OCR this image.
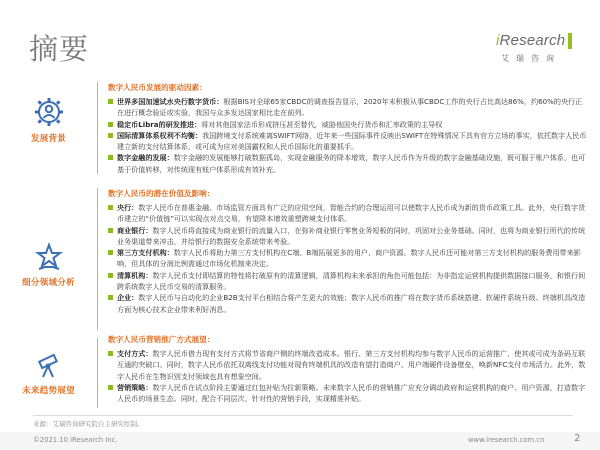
摘要	iResearch
艾瑞咨询
发展背景
细分领域分析
未来趋势展望
数字人民币发展的驱动因素：
世界多国加速试水央行数字货币：根据BIS对全球65家CBDC的调查报告显示，2020年末积极从事CBDC工作的央行占比高达86%，约60%的央行正在进行概念验证或实验，我国与众多发达国家相比走在前列。
稳定币Libra的研发推进：将对其他国家法币形成挤压甚至替代，威胁他国央行货币和汇率政策的主导权
国际清算体系权利不均衡：我国跨境支付系统难离SWIFT网络，近年来一些国际事件反映出SWIFT在特殊情况下具有官方立场的事实，依托数字人民币建立新的支付结算体系，或可成为应对美国霸权和人民币国际化的重要抓手。
数字金融的发展：数字金融的发展能够打破数据孤岛，实现金融服务的降本增效，数字人民币作为升级的数字金融基础设施，既可服于账户体系，也可基于价值转移，对传统现有账户体系形成有效补充。
数字人民币的潜在价值及影响：
央行：数字人民币在普惠金融、市场监管方面具有广泛的应用空间，智能合约的合理运用可以使数字人民币成为新的货币政策工具。此外，央行数字货币建立的“价值链”可以实现点对点交易，有望降本增效重塑跨境支付体系。
商业银行：数字人民币将直接成为商业银行的流量入口，在弥补商业银行零售业务短板的同时，巩固对公业务基础。同时，也将为商业银行所代的传统业务渠道带来冲击，并给银行的数据安全系统带来考验。
第三方支付机构：数字人民币将助力第三方支付机构在C端、B端拓展更多的用户、商户资源。数字人民币还可能对第三方支付机构的服务费用带来影响，但具体的分润比例需通过市场化机制来决定。
清算机构：数字人民币支付即结算的特性将打破原有的清算逻辑，清算机构未来承担的角色可能包括：为非指定运营机构提供数据接口服务，和银行间跨系统数字人民币交易的清算服务。
企业：数字人民币与自动化的企业B2B支付平台相结合将产生更大的效能；数字人民币的推广将在数字货币系统搭建、软硬件系统升级、终端机具改造方面为核心技术企业带来利好消息。
数字人民币营销推广方式展望：
支付方式：数字人民币借力现有支付方式将节省商户侧的终端改造成本。银行、第三方支付机构均参与数字人民币的运营推广，使其或可成为条码互联互通的突破口。同时，数字人民币依托双离线支付功能对现有终端机具的改造有望打造商户、用户端硬件设备壁垒，唤新NFC支付市场活力。此外，数字人民币在生物识别支付领域也具有想象空间。
营销策略：数字人民币在试点阶段主要通过红包补贴为拉新策略。未来数字人民币的营销推广应充分调动政府和运营机构的商户、用户资源，打造数字人民币的场景生态。同时，配合不同层次、针对性的营销手段，实现精准补贴。
来源：艾瑞咨询研究院自主研究绘制。
©2021.10 iResearch Inc.	www.iresearch.com.cn	2
